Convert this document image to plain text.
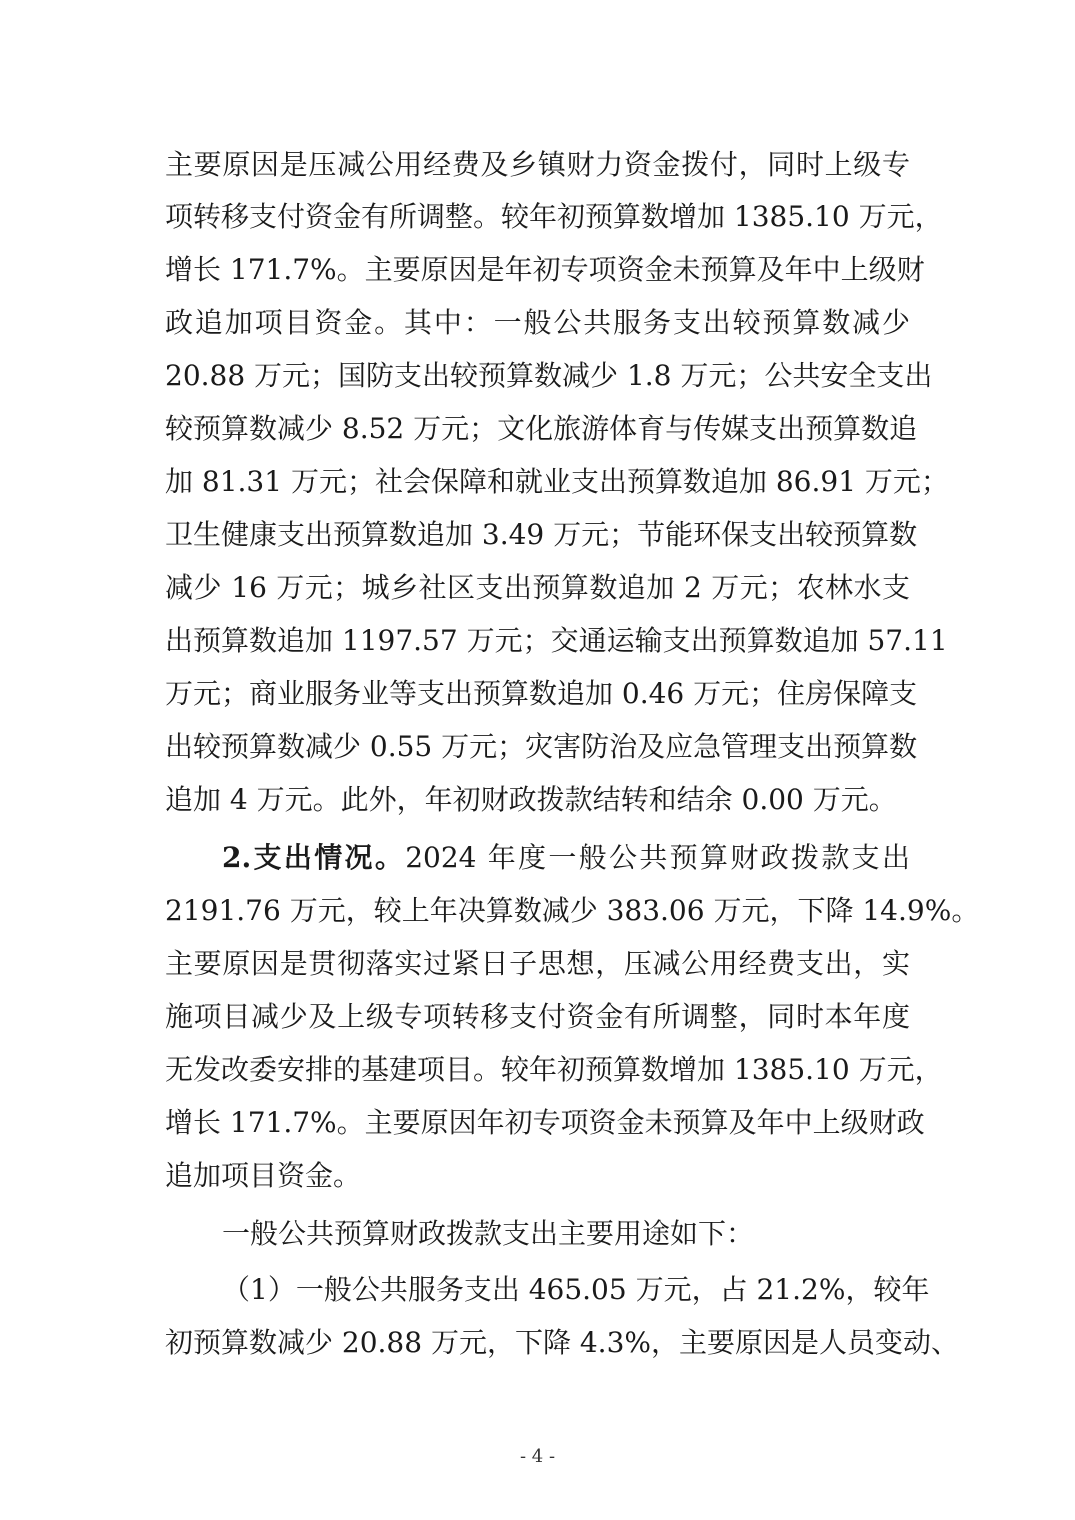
主要原因是压减公用经费及乡镇财力资金拨付，同时上级专
项转移支付资金有所调整。较年初预算数增加 1385.10 万元，
增长 171.7%。主要原因是年初专项资金未预算及年中上级财
政追加项目资金。其中：一般公共服务支出较预算数减少
20.88 万元；国防支出较预算数减少 1.8 万元；公共安全支出
较预算数减少 8.52 万元；文化旅游体育与传媒支出预算数追
加 81.31 万元；社会保障和就业支出预算数追加 86.91 万元；
卫生健康支出预算数追加 3.49 万元；节能环保支出较预算数
减少 16 万元；城乡社区支出预算数追加 2 万元；农林水支
出预算数追加 1197.57 万元；交通运输支出预算数追加 57.11
万元；商业服务业等支出预算数追加 0.46 万元；住房保障支
出较预算数减少 0.55 万元；灾害防治及应急管理支出预算数
追加 4 万元。此外，年初财政拨款结转和结余 0.00 万元。
2.支出情况。2024 年度一般公共预算财政拨款支出
2191.76 万元，较上年决算数减少 383.06 万元，下降 14.9%。
主要原因是贯彻落实过紧日子思想，压减公用经费支出，实
施项目减少及上级专项转移支付资金有所调整，同时本年度
无发改委安排的基建项目。较年初预算数增加 1385.10 万元，
增长 171.7%。主要原因年初专项资金未预算及年中上级财政
追加项目资金。
一般公共预算财政拨款支出主要用途如下：
（1）一般公共服务支出 465.05 万元，占 21.2%，较年
初预算数减少 20.88 万元，下降 4.3%，主要原因是人员变动、
- 4 -
